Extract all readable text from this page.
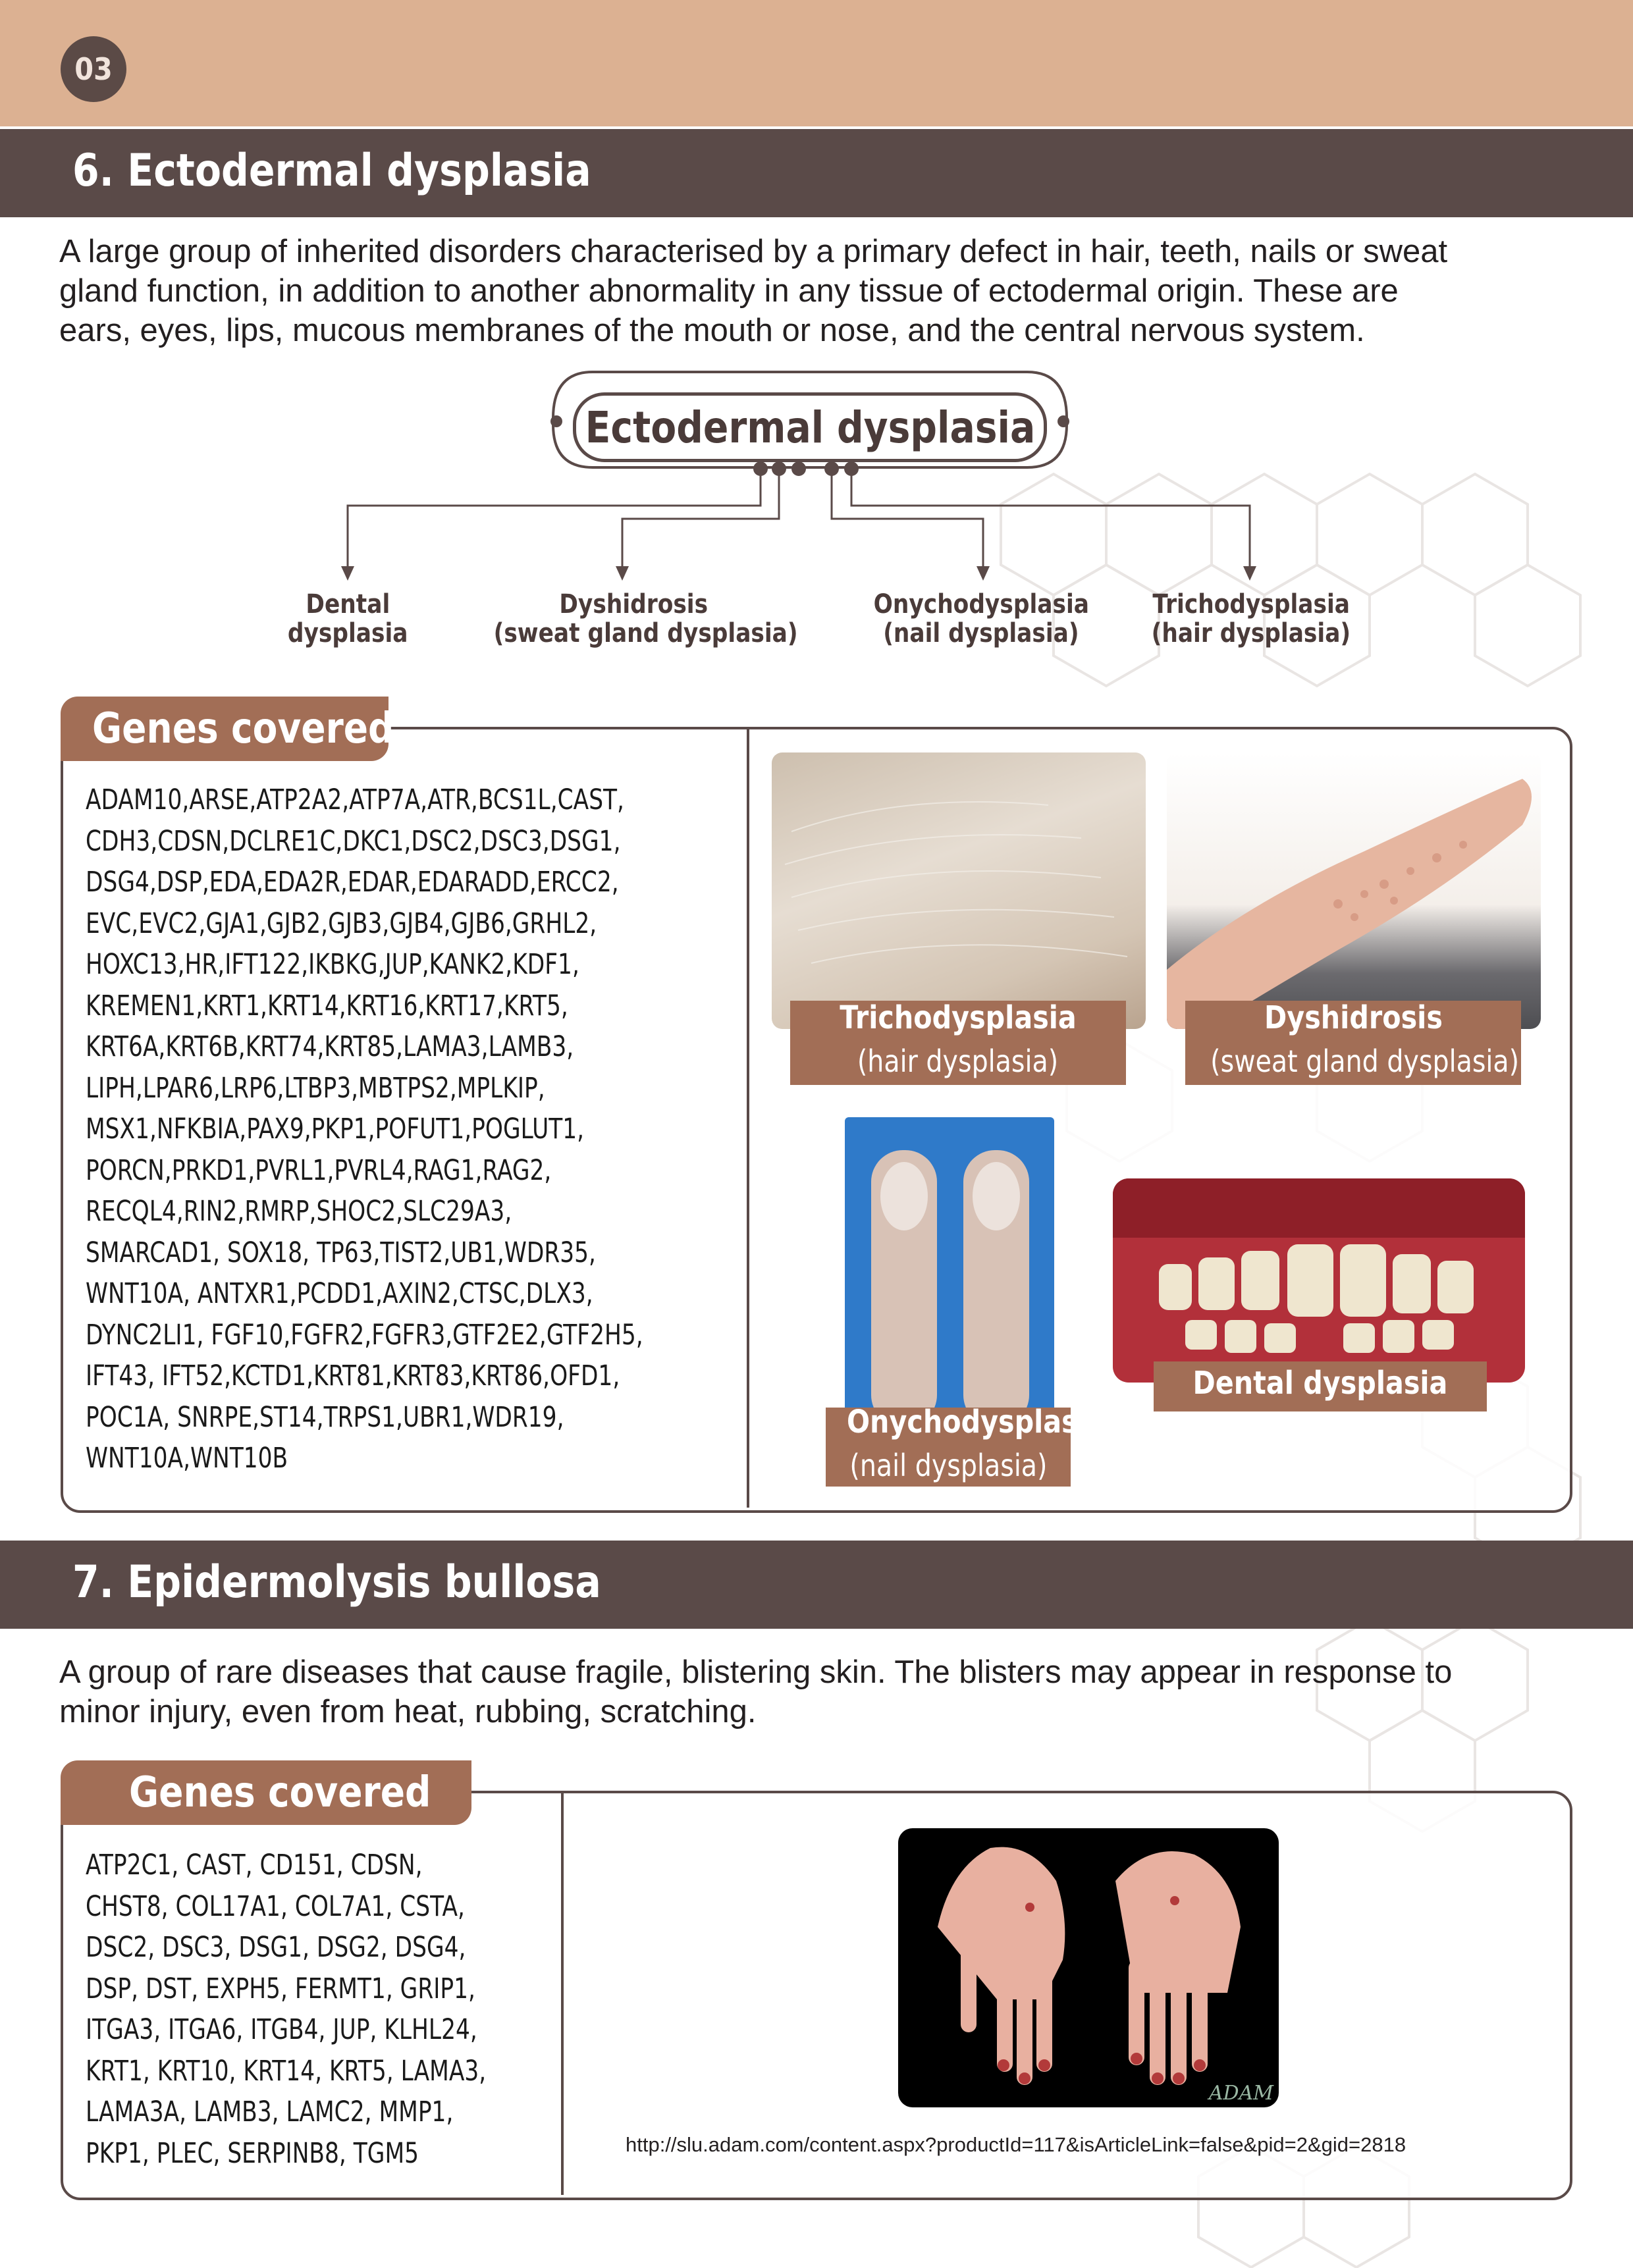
03
6. Ectodermal dysplasia
A large group of inherited disorders characterised by a primary defect in hair, teeth, nails or sweat
gland function, in addition to another abnormality in any tissue of ectodermal origin. These are
ears, eyes, lips, mucous membranes of the mouth or nose, and the central nervous system.
Ectodermal dysplasia
Dental
dysplasia
Dyshidrosis
(sweat gland dysplasia)
Onychodysplasia
(nail dysplasia)
Trichodysplasia
(hair dysplasia)
Genes covered
ADAM10,ARSE,ATP2A2,ATP7A,ATR,BCS1L,CAST,
CDH3,CDSN,DCLRE1C,DKC1,DSC2,DSC3,DSG1,
DSG4,DSP,EDA,EDA2R,EDAR,EDARADD,ERCC2,
EVC,EVC2,GJA1,GJB2,GJB3,GJB4,GJB6,GRHL2,
HOXC13,HR,IFT122,IKBKG,JUP,KANK2,KDF1,
KREMEN1,KRT1,KRT14,KRT16,KRT17,KRT5,
KRT6A,KRT6B,KRT74,KRT85,LAMA3,LAMB3,
LIPH,LPAR6,LRP6,LTBP3,MBTPS2,MPLKIP,
MSX1,NFKBIA,PAX9,PKP1,POFUT1,POGLUT1,
PORCN,PRKD1,PVRL1,PVRL4,RAG1,RAG2,
RECQL4,RIN2,RMRP,SHOC2,SLC29A3,
SMARCAD1, SOX18, TP63,TIST2,UB1,WDR35,
WNT10A, ANTXR1,PCDD1,AXIN2,CTSC,DLX3,
DYNC2LI1, FGF10,FGFR2,FGFR3,GTF2E2,GTF2H5,
IFT43, IFT52,KCTD1,KRT81,KRT83,KRT86,OFD1,
POC1A, SNRPE,ST14,TRPS1,UBR1,WDR19,
WNT10A,WNT10B
Trichodysplasia
(hair dysplasia)
Dyshidrosis
(sweat gland dysplasia)
Onychodysplasia
(nail dysplasia)
Dental dysplasia
7. Epidermolysis bullosa
A group of rare diseases that cause fragile, blistering skin. The blisters may appear in response to
minor injury, even from heat, rubbing, scratching.
Genes covered
ATP2C1, CAST, CD151, CDSN,
CHST8, COL17A1, COL7A1, CSTA,
DSC2, DSC3, DSG1, DSG2, DSG4,
DSP, DST, EXPH5, FERMT1, GRIP1,
ITGA3, ITGA6, ITGB4, JUP, KLHL24,
KRT1, KRT10, KRT14, KRT5, LAMA3,
LAMA3A, LAMB3, LAMC2, MMP1,
PKP1, PLEC, SERPINB8, TGM5
ADAM
http://slu.adam.com/content.aspx?productId=117&isArticleLink=false&pid=2&gid=2818
